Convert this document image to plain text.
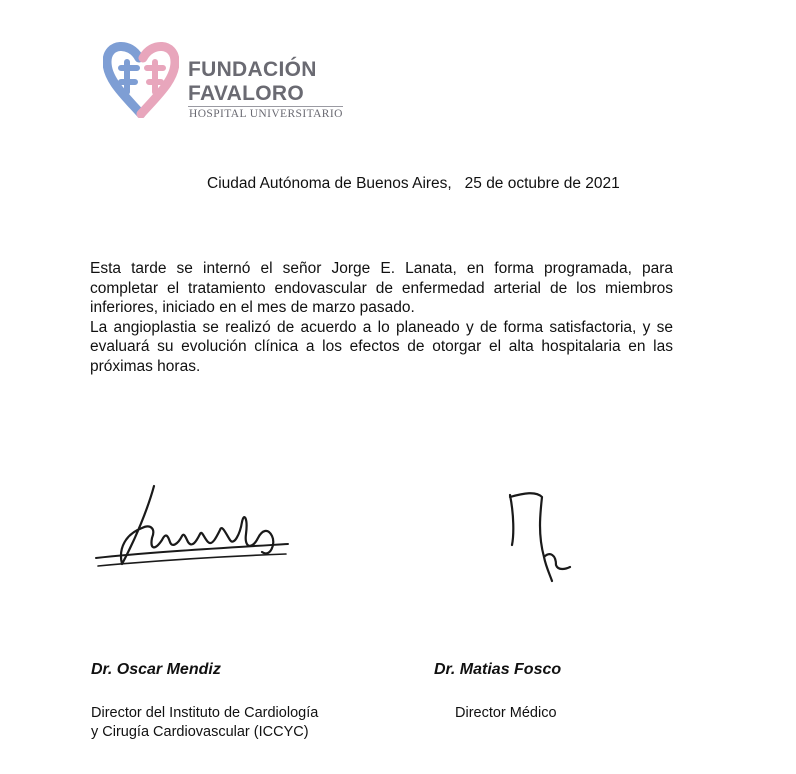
FUNDACIÓN
FAVALORO
HOSPITAL UNIVERSITARIO
Ciudad Autónoma de Buenos Aires,   25 de octubre de 2021

Esta tarde se internó el señor Jorge E. Lanata, en forma programada, para completar el tratamiento endovascular de enfermedad arterial de los miembros inferiores, iniciado en el mes de marzo pasado.

La angioplastia se realizó de acuerdo a lo planeado y de forma satisfactoria, y se evaluará su evolución clínica a los efectos de otorgar el alta hospitalaria en las próximas horas.

Dr. Oscar Mendiz
Director del Instituto de Cardiología
y Cirugía Cardiovascular (ICCYC)
Dr. Matias Fosco
Director Médico
